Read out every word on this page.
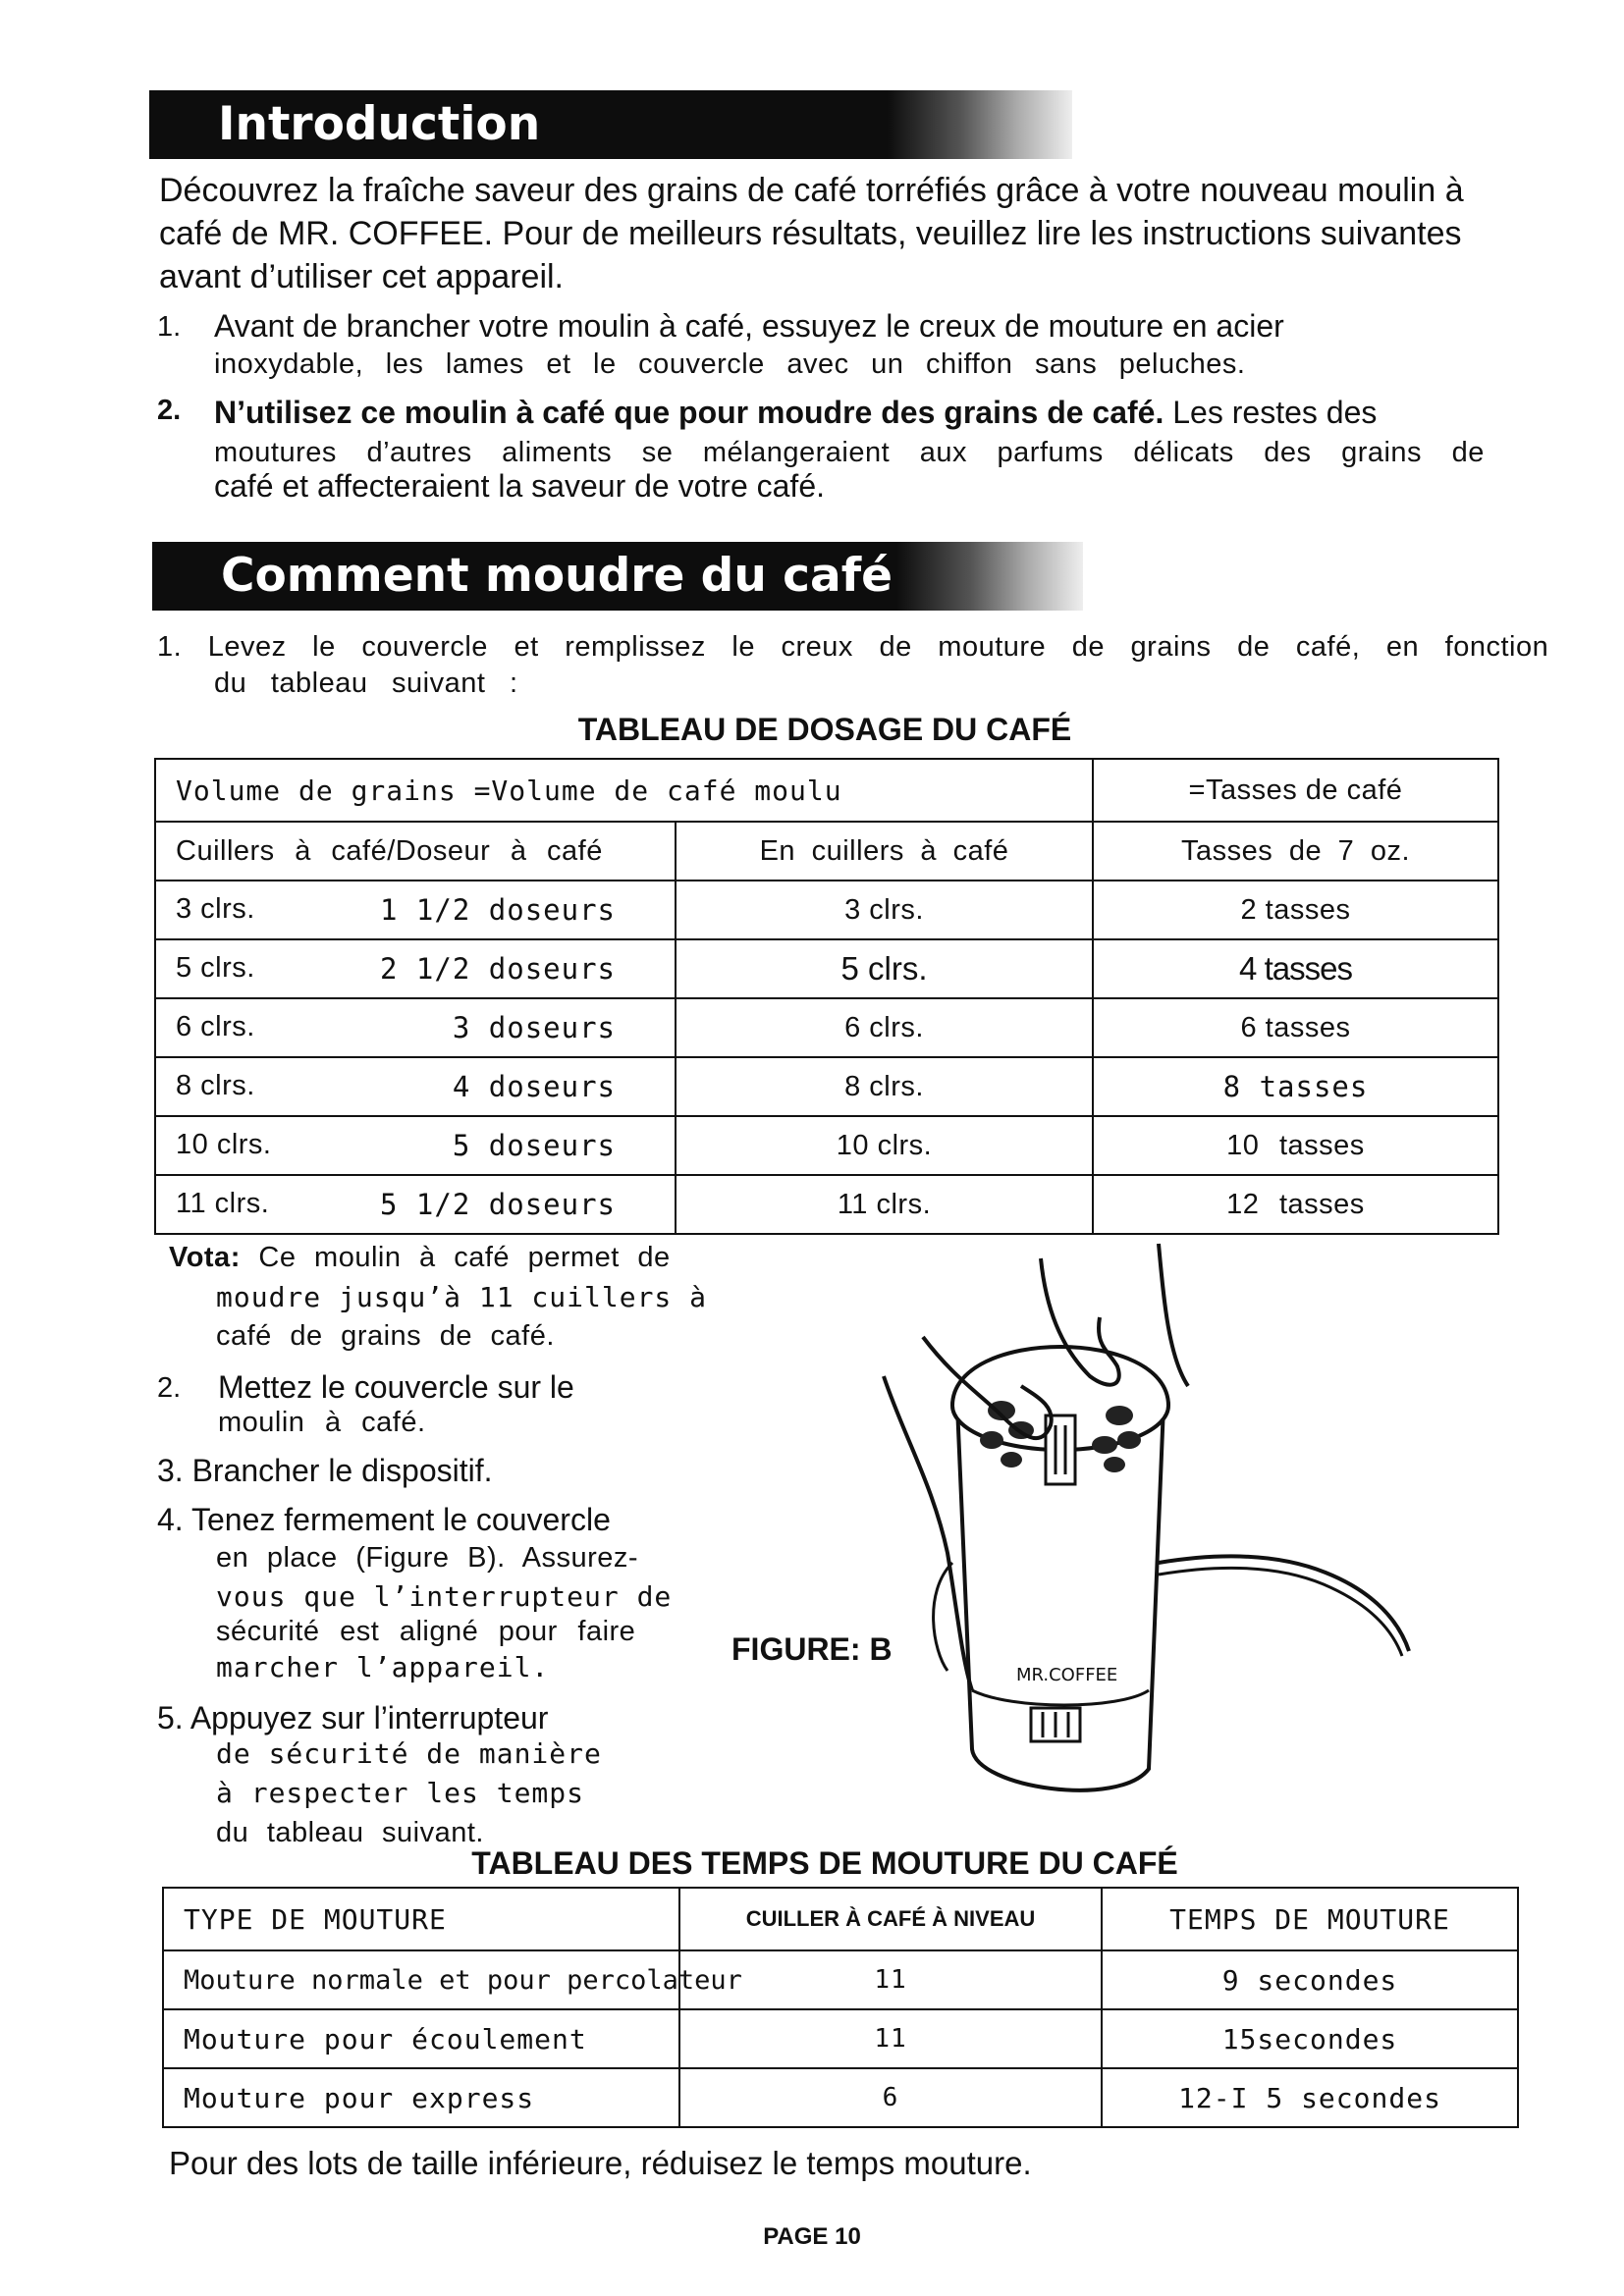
Introduction
Découvrez la fraîche saveur des grains de café torréfiés grâce à votre nouveau moulin à café de MR. COFFEE. Pour de meilleurs résultats, veuillez lire les instructions suivantes avant d’utiliser cet appareil.
1. Avant de brancher votre moulin à café, essuyez le creux de mouture en acier
inoxydable, les lames et le couvercle avec un chiffon sans peluches.
2. N’utilisez ce moulin à café que pour moudre des grains de café. Les restes des
moutures d’autres aliments se mélangeraient aux parfums délicats des grains de
café et affecteraient la saveur de votre café.
Comment moudre du café
1. Levez le couvercle et remplissez le creux de mouture de grains de café, en fonction
du tableau suivant :
TABLEAU DE DOSAGE DU CAFÉ
Volume de grains =Volume de café moulu		=Tasses de café
Cuillers à café/Doseur à café	En cuillers à café	Tasses de 7 oz.

3 clrs. 1 1/2 doseurs	3 clrs.	2 tasses

5 clrs. 2 1/2 doseurs	5 clrs.	4 tasses

6 clrs. 3 doseurs	6 clrs.	6 tasses

8 clrs. 4 doseurs	8 clrs.	8 tasses

10 clrs. 5 doseurs	10 clrs.	10 tasses

11 clrs. 5 1/2 doseurs	11 clrs.	12 tasses
Vota: Ce moulin à café permet de
moudre jusqu’à 11 cuillers à
café de grains de café.
2. Mettez le couvercle sur le
moulin à café.
3. Brancher le dispositif.
4. Tenez fermement le couvercle
en place (Figure B). Assurez-
vous que l’interrupteur de
sécurité est aligné pour faire
marcher l’appareil.
5. Appuyez sur l’interrupteur
de sécurité de manière
à respecter les temps
du tableau suivant.
FIGURE: B
MR.COFFEE
TABLEAU DES TEMPS DE MOUTURE DU CAFÉ
TYPE DE MOUTURE	CUILLER À CAFÉ À NIVEAU	TEMPS DE MOUTURE
Mouture normale et pour percolateur	11	9 secondes
Mouture pour écoulement	11	15secondes
Mouture pour express	6	12-I 5 secondes
Pour des lots de taille inférieure, réduisez le temps mouture.
PAGE 10
